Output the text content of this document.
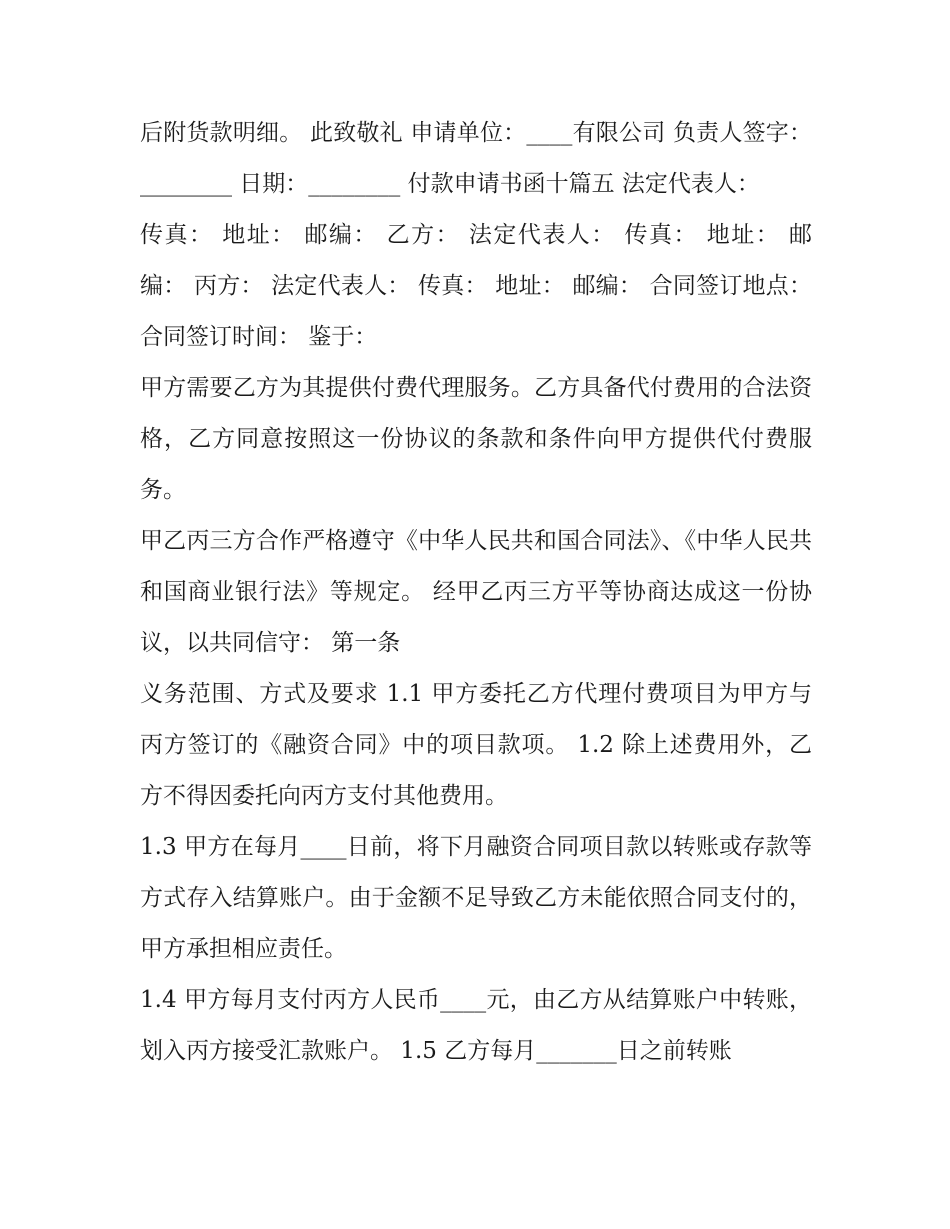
后附货款明细。 此致敬礼 申请单位：____有限公司 负责人签字：________ 日期：________ 付款申请书函十篇五 法定代表人：

传真： 地址： 邮编： 乙方： 法定代表人： 传真： 地址： 邮编： 丙方： 法定代表人： 传真： 地址： 邮编： 合同签订地点： 合同签订时间： 鉴于：

甲方需要乙方为其提供付费代理服务。乙方具备代付费用的合法资格，乙方同意按照这一份协议的条款和条件向甲方提供代付费服务。

甲乙丙三方合作严格遵守《中华人民共和国合同法》、《中华人民共和国商业银行法》等规定。 经甲乙丙三方平等协商达成这一份协议，以共同信守： 第一条

义务范围、方式及要求 1.1 甲方委托乙方代理付费项目为甲方与丙方签订的《融资合同》中的项目款项。 1.2 除上述费用外，乙方不得因委托向丙方支付其他费用。

1.3 甲方在每月____日前，将下月融资合同项目款以转账或存款等方式存入结算账户。由于金额不足导致乙方未能依照合同支付的，甲方承担相应责任。

1.4 甲方每月支付丙方人民币____元，由乙方从结算账户中转账，划入丙方接受汇款账户。 1.5 乙方每月_______日之前转账
